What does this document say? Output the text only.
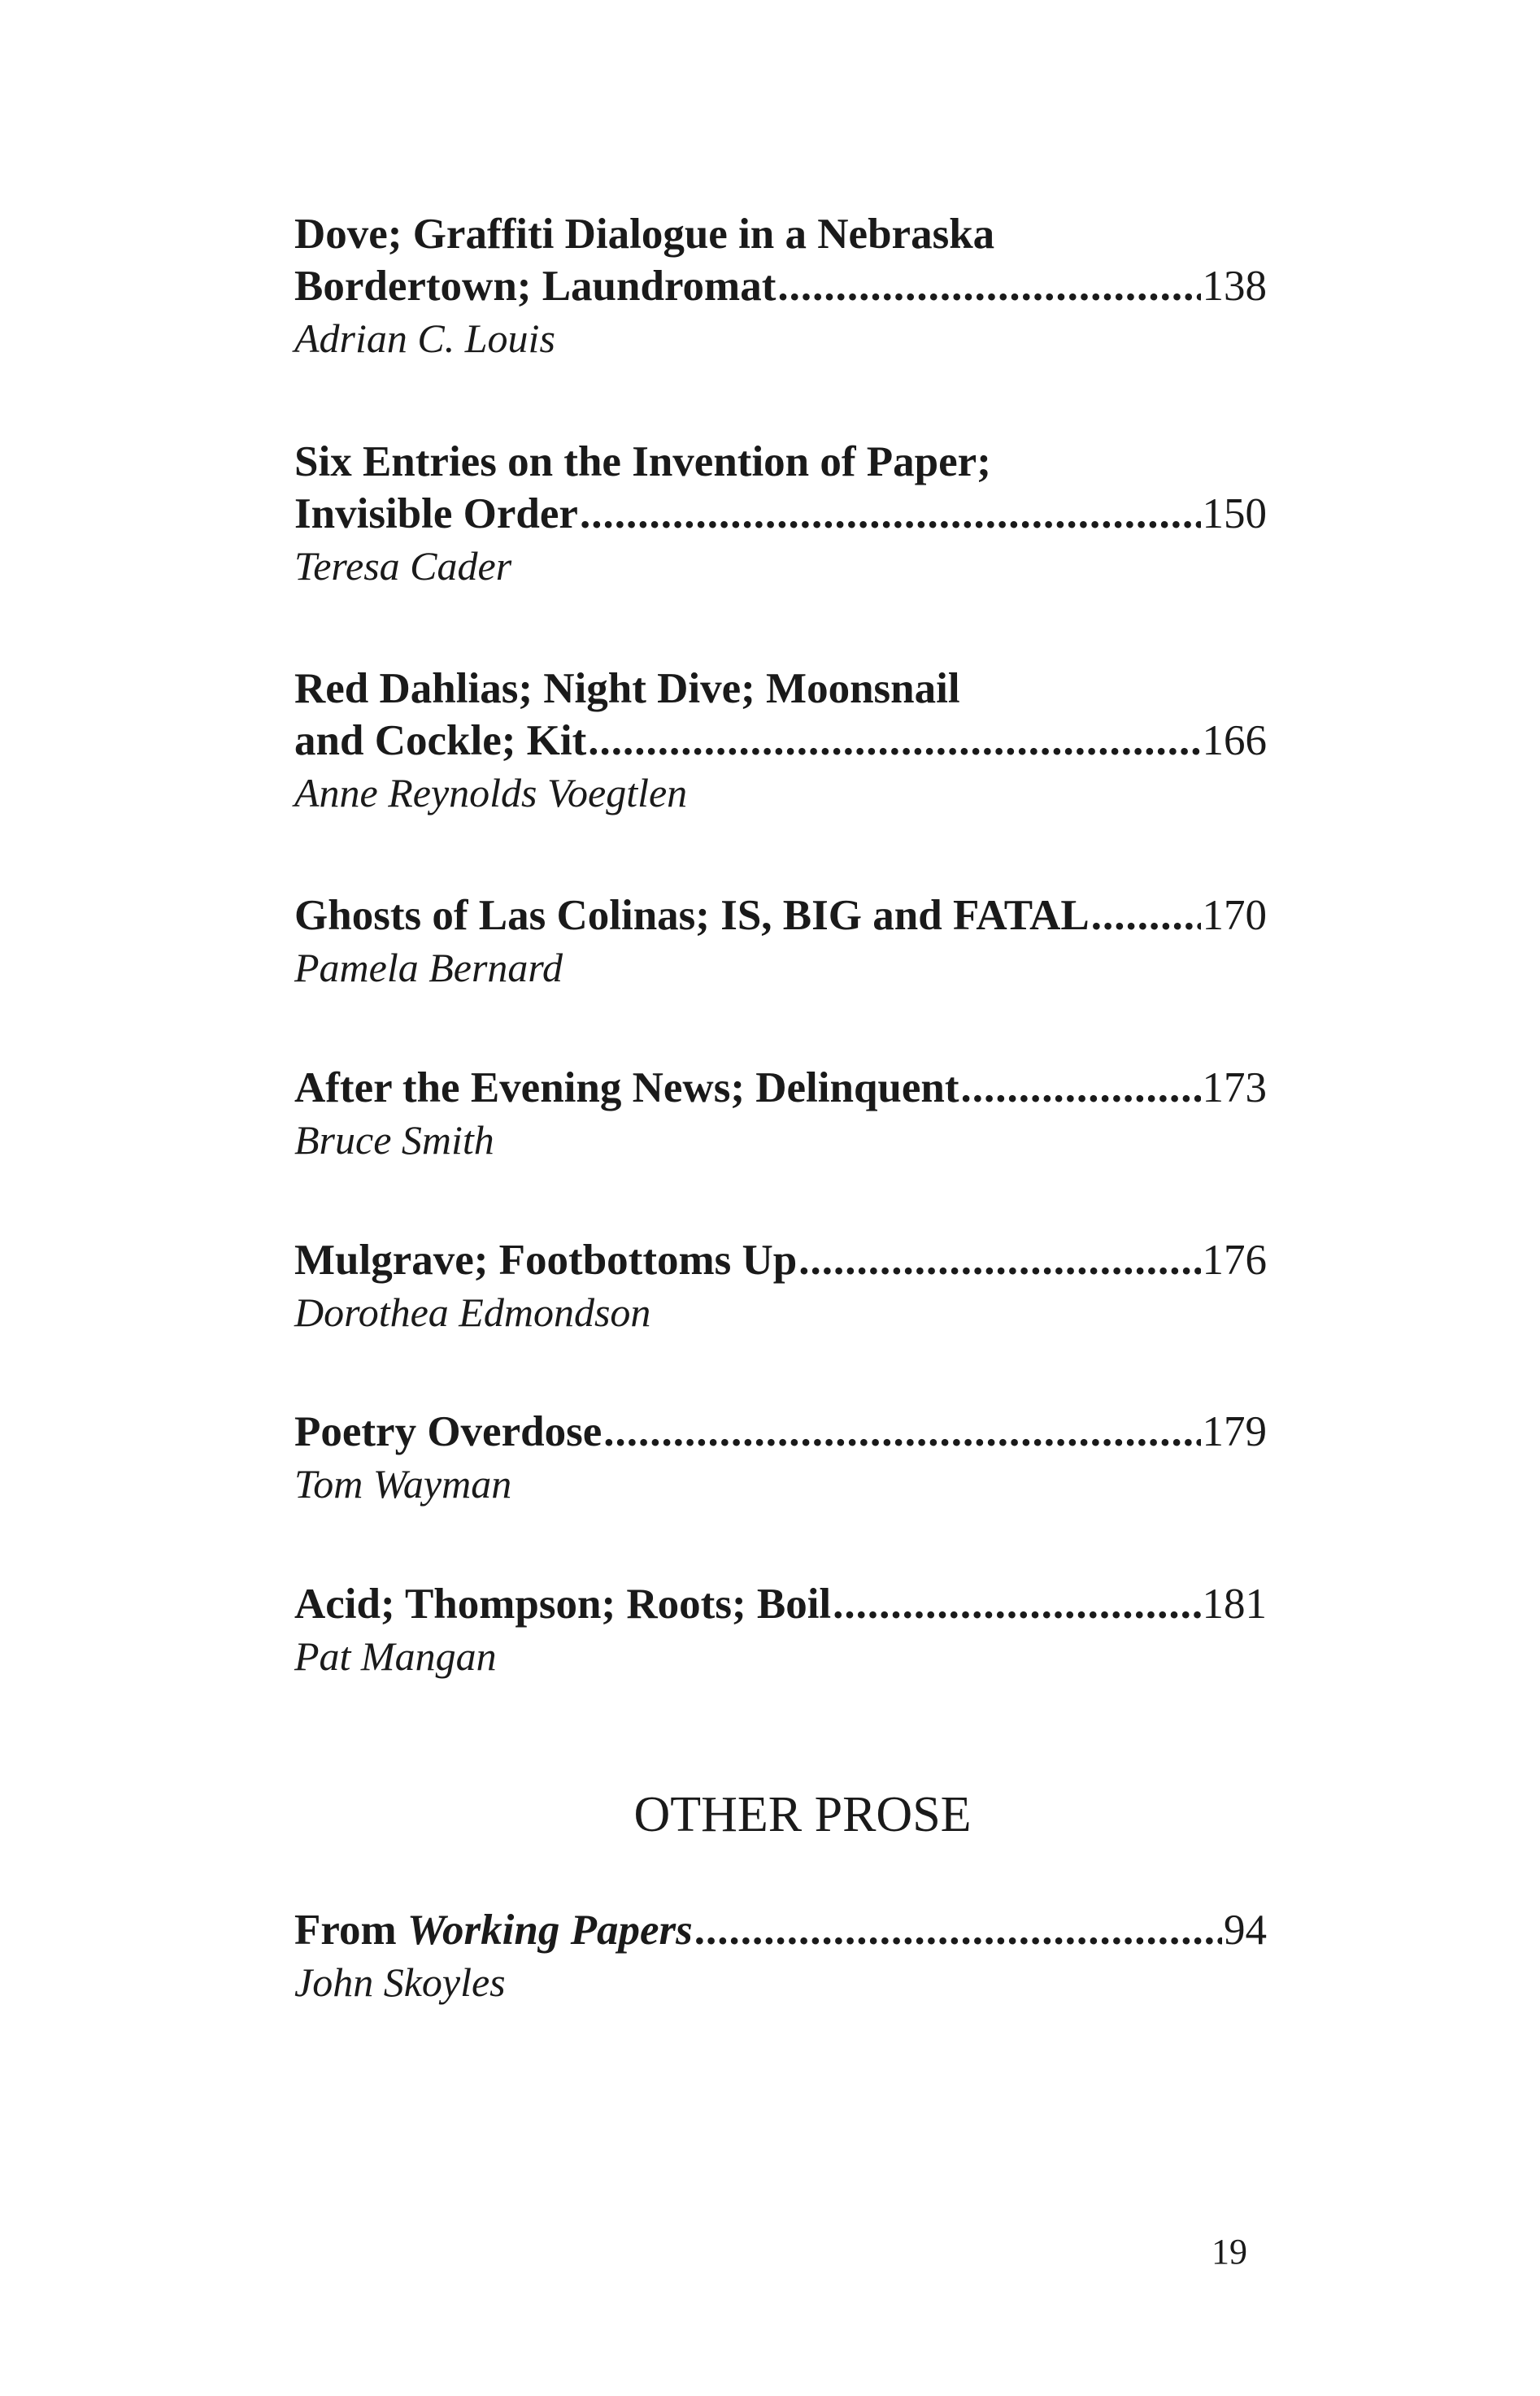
Dove; Graffiti Dialogue in a Nebraska
Bordertown; Laundromat .....	138
Adrian C. Louis
Six Entries on the Invention of Paper;
Invisible Order .....	150
Teresa Cader
Red Dahlias; Night Dive; Moonsnail
and Cockle; Kit .....	166
Anne Reynolds Voegtlen
Ghosts of Las Colinas; IS, BIG and FATAL .....	170
Pamela Bernard
After the Evening News; Delinquent .....	173
Bruce Smith
Mulgrave; Footbottoms Up .....	176
Dorothea Edmondson
Poetry Overdose .....	179
Tom Wayman
Acid; Thompson; Roots; Boil .....	181
Pat Mangan
OTHER PROSE
From Working Papers .....	94
John Skoyles
19
